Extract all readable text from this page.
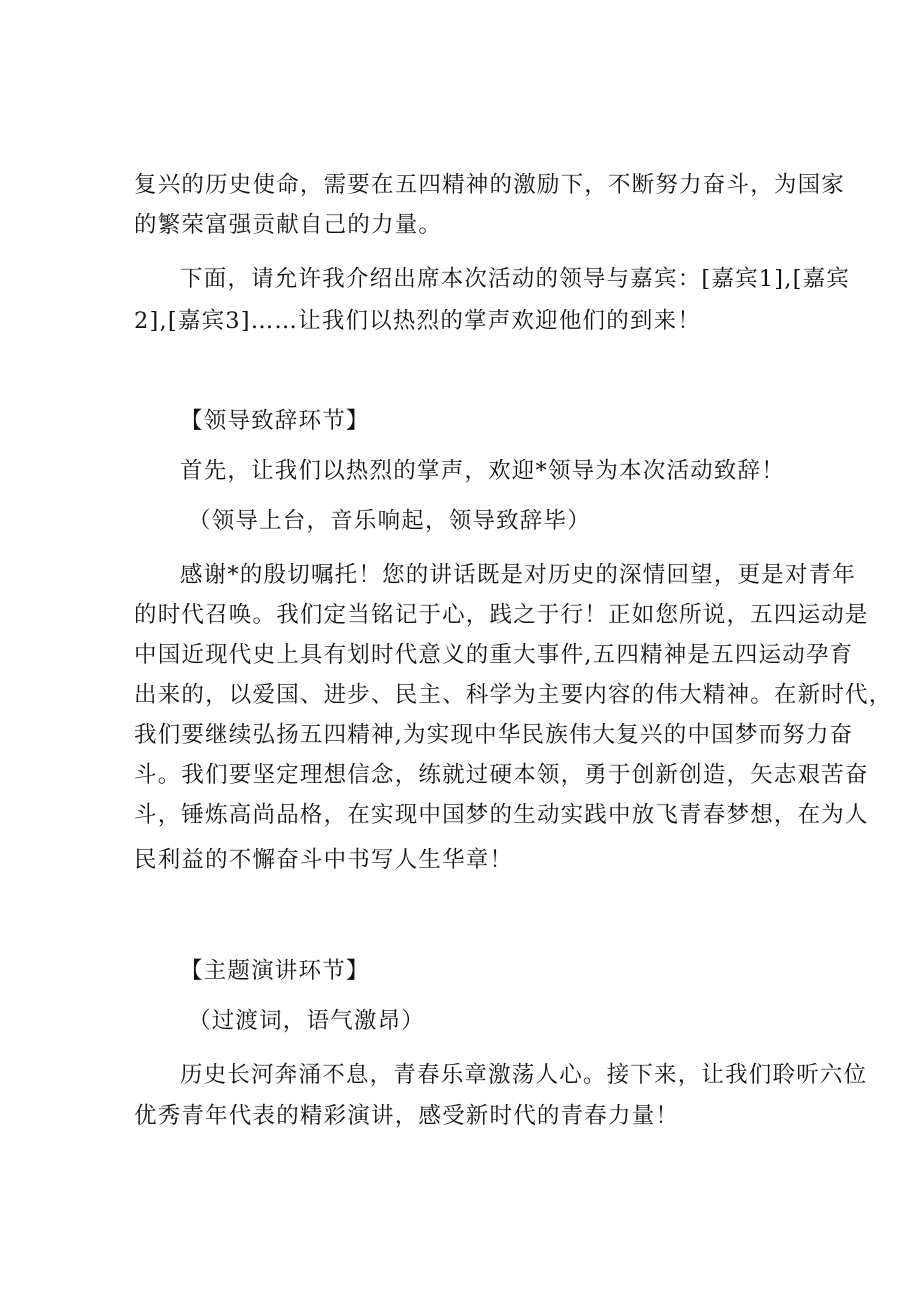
复兴的历史使命，需要在五四精神的激励下，不断努力奋斗，为国家
的繁荣富强贡献自己的力量。
下面，请允许我介绍出席本次活动的领导与嘉宾：[嘉宾1],[嘉宾
2],[嘉宾3]……让我们以热烈的掌声欢迎他们的到来！
【领导致辞环节】
首先，让我们以热烈的掌声，欢迎*领导为本次活动致辞！
（领导上台，音乐响起，领导致辞毕）
感谢*的殷切嘱托！您的讲话既是对历史的深情回望，更是对青年
的时代召唤。我们定当铭记于心，践之于行！正如您所说，五四运动是
中国近现代史上具有划时代意义的重大事件,五四精神是五四运动孕育
出来的，以爱国、进步、民主、科学为主要内容的伟大精神。在新时代，
我们要继续弘扬五四精神,为实现中华民族伟大复兴的中国梦而努力奋
斗。我们要坚定理想信念，练就过硬本领，勇于创新创造，矢志艰苦奋
斗，锤炼高尚品格，在实现中国梦的生动实践中放飞青春梦想，在为人
民利益的不懈奋斗中书写人生华章！
【主题演讲环节】
（过渡词，语气激昂）
历史长河奔涌不息，青春乐章激荡人心。接下来，让我们聆听六位
优秀青年代表的精彩演讲，感受新时代的青春力量！
